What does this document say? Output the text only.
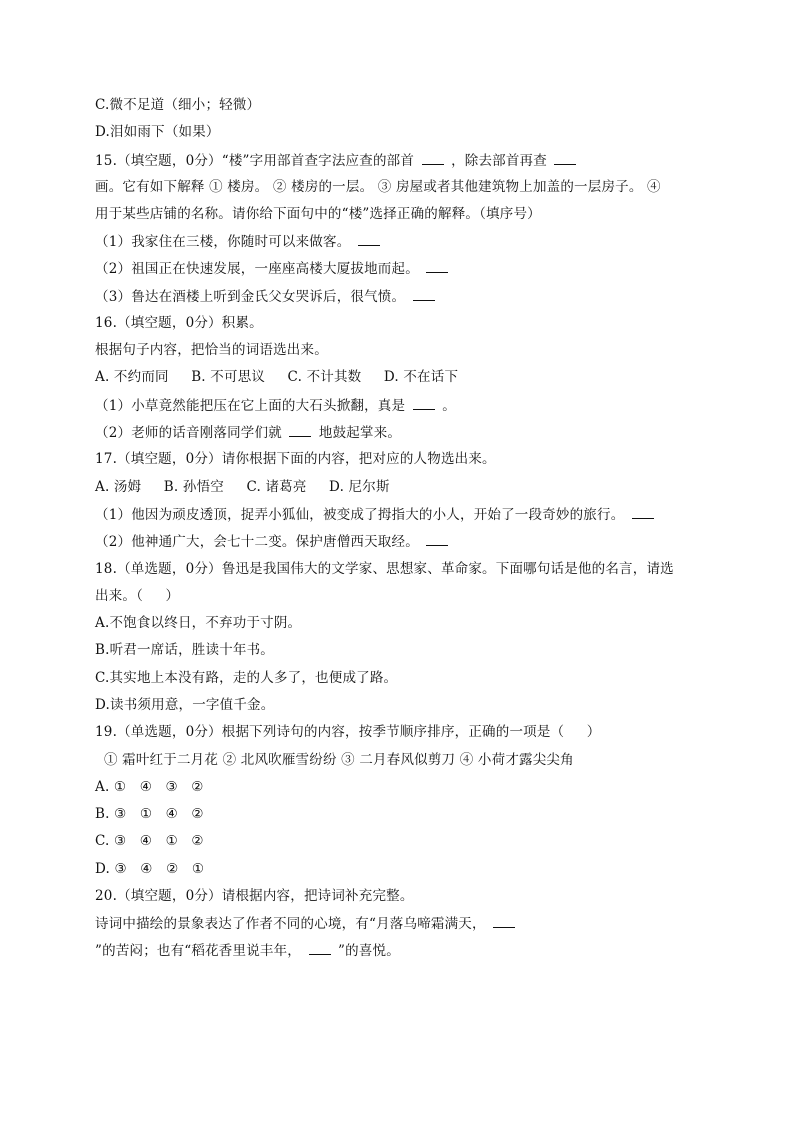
C.微不足道（细小；轻微）
D.泪如雨下（如果）
15.（填空题，0分）“楼”字用部首查字法应查的部首	，除去部首再查
画。它有如下解释 ① 楼房。 ② 楼房的一层。 ③ 房屋或者其他建筑物上加盖的一层房子。 ④
用于某些店铺的名称。请你给下面句中的“楼”选择正确的解释。（填序号）
（1）我家住在三楼，你随时可以来做客。
（2）祖国正在快速发展，一座座高楼大厦拔地而起。
（3）鲁达在酒楼上听到金氏父女哭诉后，很气愤。
16.（填空题，0分）积累。
根据句子内容，把恰当的词语选出来。
A. 不约而同     B. 不可思议     C. 不计其数     D. 不在话下
（1）小草竟然能把压在它上面的大石头掀翻，真是	。
（2）老师的话音刚落同学们就	地鼓起掌来。
17.（填空题，0分）请你根据下面的内容，把对应的人物选出来。
A. 汤姆     B. 孙悟空     C. 诸葛亮     D. 尼尔斯
（1）他因为顽皮透顶，捉弄小狐仙，被变成了拇指大的小人，开始了一段奇妙的旅行。
（2）他神通广大，会七十二变。保护唐僧西天取经。
18.（单选题，0分）鲁迅是我国伟大的文学家、思想家、革命家。下面哪句话是他的名言，请选
出来。（     ）
A.不饱食以终日，不弃功于寸阴。
B.听君一席话，胜读十年书。
C.其实地上本没有路，走的人多了，也便成了路。
D.读书须用意，一字值千金。
19.（单选题，0分）根据下列诗句的内容，按季节顺序排序，正确的一项是（     ）
① 霜叶红于二月花 ② 北风吹雁雪纷纷 ③ 二月春风似剪刀 ④ 小荷才露尖尖角
A. ①   ④   ③   ②
B. ③   ①   ④   ②
C. ③   ④   ①   ②
D. ③   ④   ②   ①
20.（填空题，0分）请根据内容，把诗词补充完整。
诗词中描绘的景象表达了作者不同的心境，有“月落乌啼霜满天，
”的苦闷；也有“稻花香里说丰年，	”的喜悦。
